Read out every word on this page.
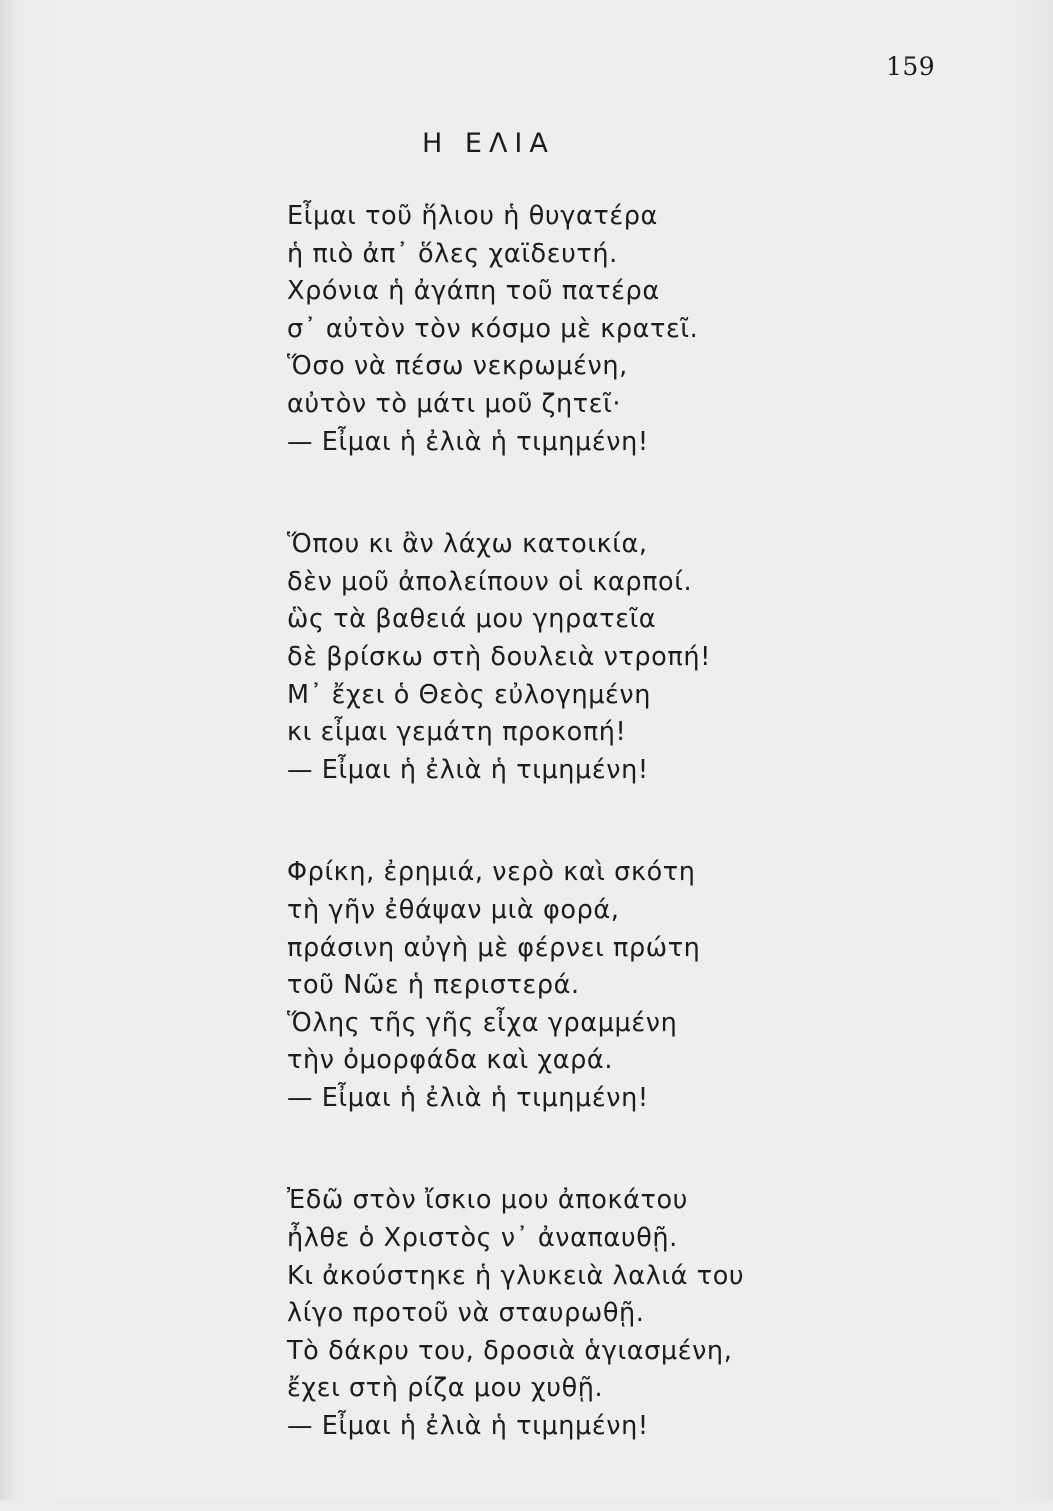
159
Η ΕΛΙΑ
Εἶμαι τοῦ ἥλιου ἡ θυγατέρα
ἡ πιὸ ἀπ᾿ ὅλες χαϊδευτή.
Χρόνια ἡ ἀγάπη τοῦ πατέρα
σ᾿ αὐτὸν τὸν κόσμο μὲ κρατεῖ.
Ὅσο νὰ πέσω νεκρωμένη,
αὐτὸν τὸ μάτι μοῦ ζητεῖ·
— Εἶμαι ἡ ἐλιὰ ἡ τιμημένη!
Ὅπου κι ἂν λάχω κατοικία,
δὲν μοῦ ἀπολείπουν οἱ καρποί.
ὣς τὰ βαθειά μου γηρατεῖα
δὲ βρίσκω στὴ δουλειὰ ντροπή!
Μ᾿ ἔχει ὁ Θεὸς εὐλογημένη
κι εἶμαι γεμάτη προκοπή!
— Εἶμαι ἡ ἐλιὰ ἡ τιμημένη!
Φρίκη, ἐρημιά, νερὸ καὶ σκότη
τὴ γῆν ἐθάψαν μιὰ φορά,
πράσινη αὐγὴ μὲ φέρνει πρώτη
τοῦ Νῶε ἡ περιστερά.
Ὅλης τῆς γῆς εἶχα γραμμένη
τὴν ὀμορφάδα καὶ χαρά.
— Εἶμαι ἡ ἐλιὰ ἡ τιμημένη!
Ἐδῶ στὸν ἴσκιο μου ἀποκάτου
ἦλθε ὁ Χριστὸς ν᾿ ἀναπαυθῇ.
Κι ἀκούστηκε ἡ γλυκειὰ λαλιά του
λίγο προτοῦ νὰ σταυρωθῇ.
Τὸ δάκρυ του, δροσιὰ ἁγιασμένη,
ἔχει στὴ ρίζα μου χυθῇ.
— Εἶμαι ἡ ἐλιὰ ἡ τιμημένη!
